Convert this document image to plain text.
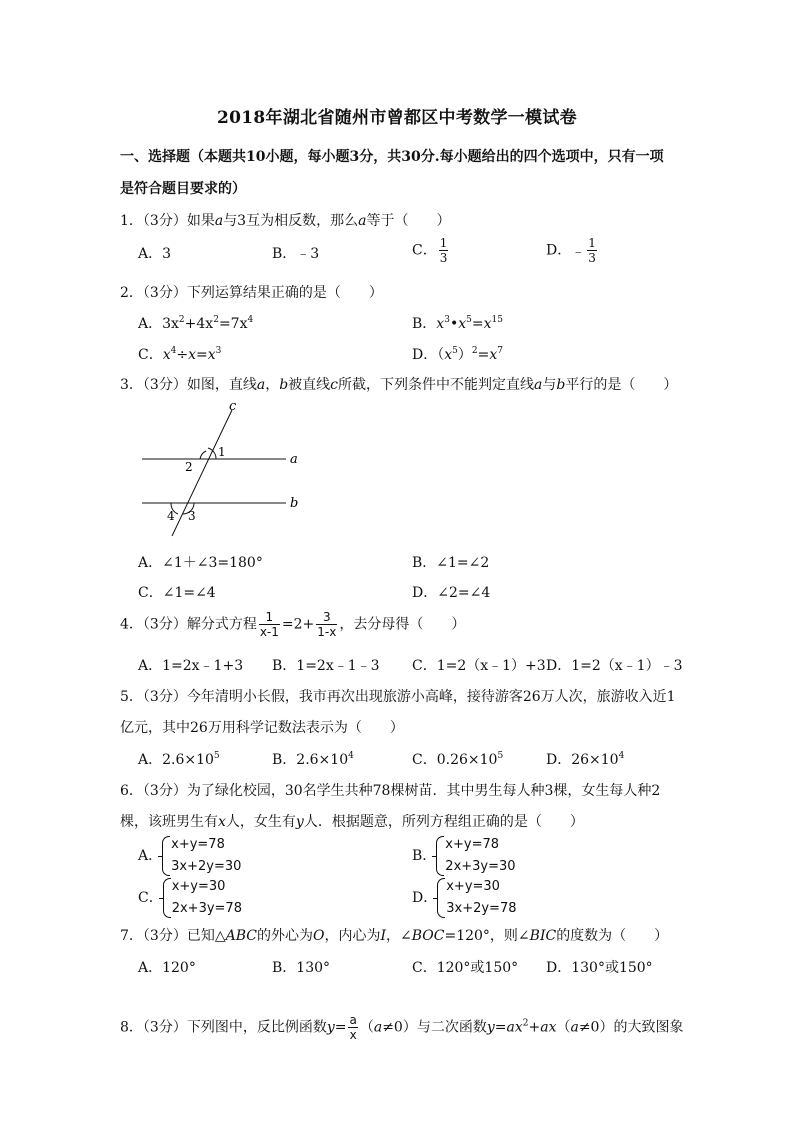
2018年湖北省随州市曾都区中考数学一模试卷
一、选择题（本题共10小题，每小题3分，共30分.每小题给出的四个选项中，只有一项
是符合题目要求的）
1．（3分）如果a与3互为相反数，那么a等于（　　）
A．3	B．﹣3	C． $\frac{1}{3}$	D．﹣ $\frac{1}{3}$
2．（3分）下列运算结果正确的是（　　）
A．$3x^2+4x^2=7x^4$	B．$x^3•x^5=x^{15}$
C．$x^4\div x=x^3$	D．$(x^5)^2=x^7$
3．（3分）如图，直线a，b被直线c所截，下列条件中不能判定直线a与b平行的是（　　）
c
a
b
1
2
3
4
A．∠1＋∠3=180°	B．∠1=∠2
C．∠1=∠4	D．∠2=∠4
4．（3分）解分式方程 $\frac{1}{x-1} =2+ \frac{3}{1-x}$ ，去分母得（　　）
A．1=2x﹣1+3 B．1=2x﹣1﹣3 C．1=2（x﹣1）+3 D．1=2（x﹣1）﹣3
5．（3分）今年清明小长假，我市再次出现旅游小高峰，接待游客26万人次，旅游收入近1
亿元，其中26万用科学记数法表示为（　　）
A．$2.6\times 10^5$	B．$2.6\times 10^4$	C．$0.26\times 10^5$	D．$26\times 10^4$
6．（3分）为了绿化校园，30名学生共种78棵树苗．其中男生每人种3棵，女生每人种2
棵，该班男生有x人，女生有y人．根据题意，所列方程组正确的是（　　）
A．
x+y=78
3x+2y=30
B．
x+y=78
2x+3y=30
C．
x+y=30
2x+3y=78
D．
x+y=30
3x+2y=78
7．（3分）已知△ABC的外心为O，内心为I，∠BOC=120°，则∠BIC的度数为（　　）
A．120°	B．130°	C．120°或150° D．130°或150°
8．（3分）下列图中，反比例函数$y= \frac{a}{x} (a\ne 0)$与二次函数$y=ax^2+ax(a\ne 0)$的大致图象
